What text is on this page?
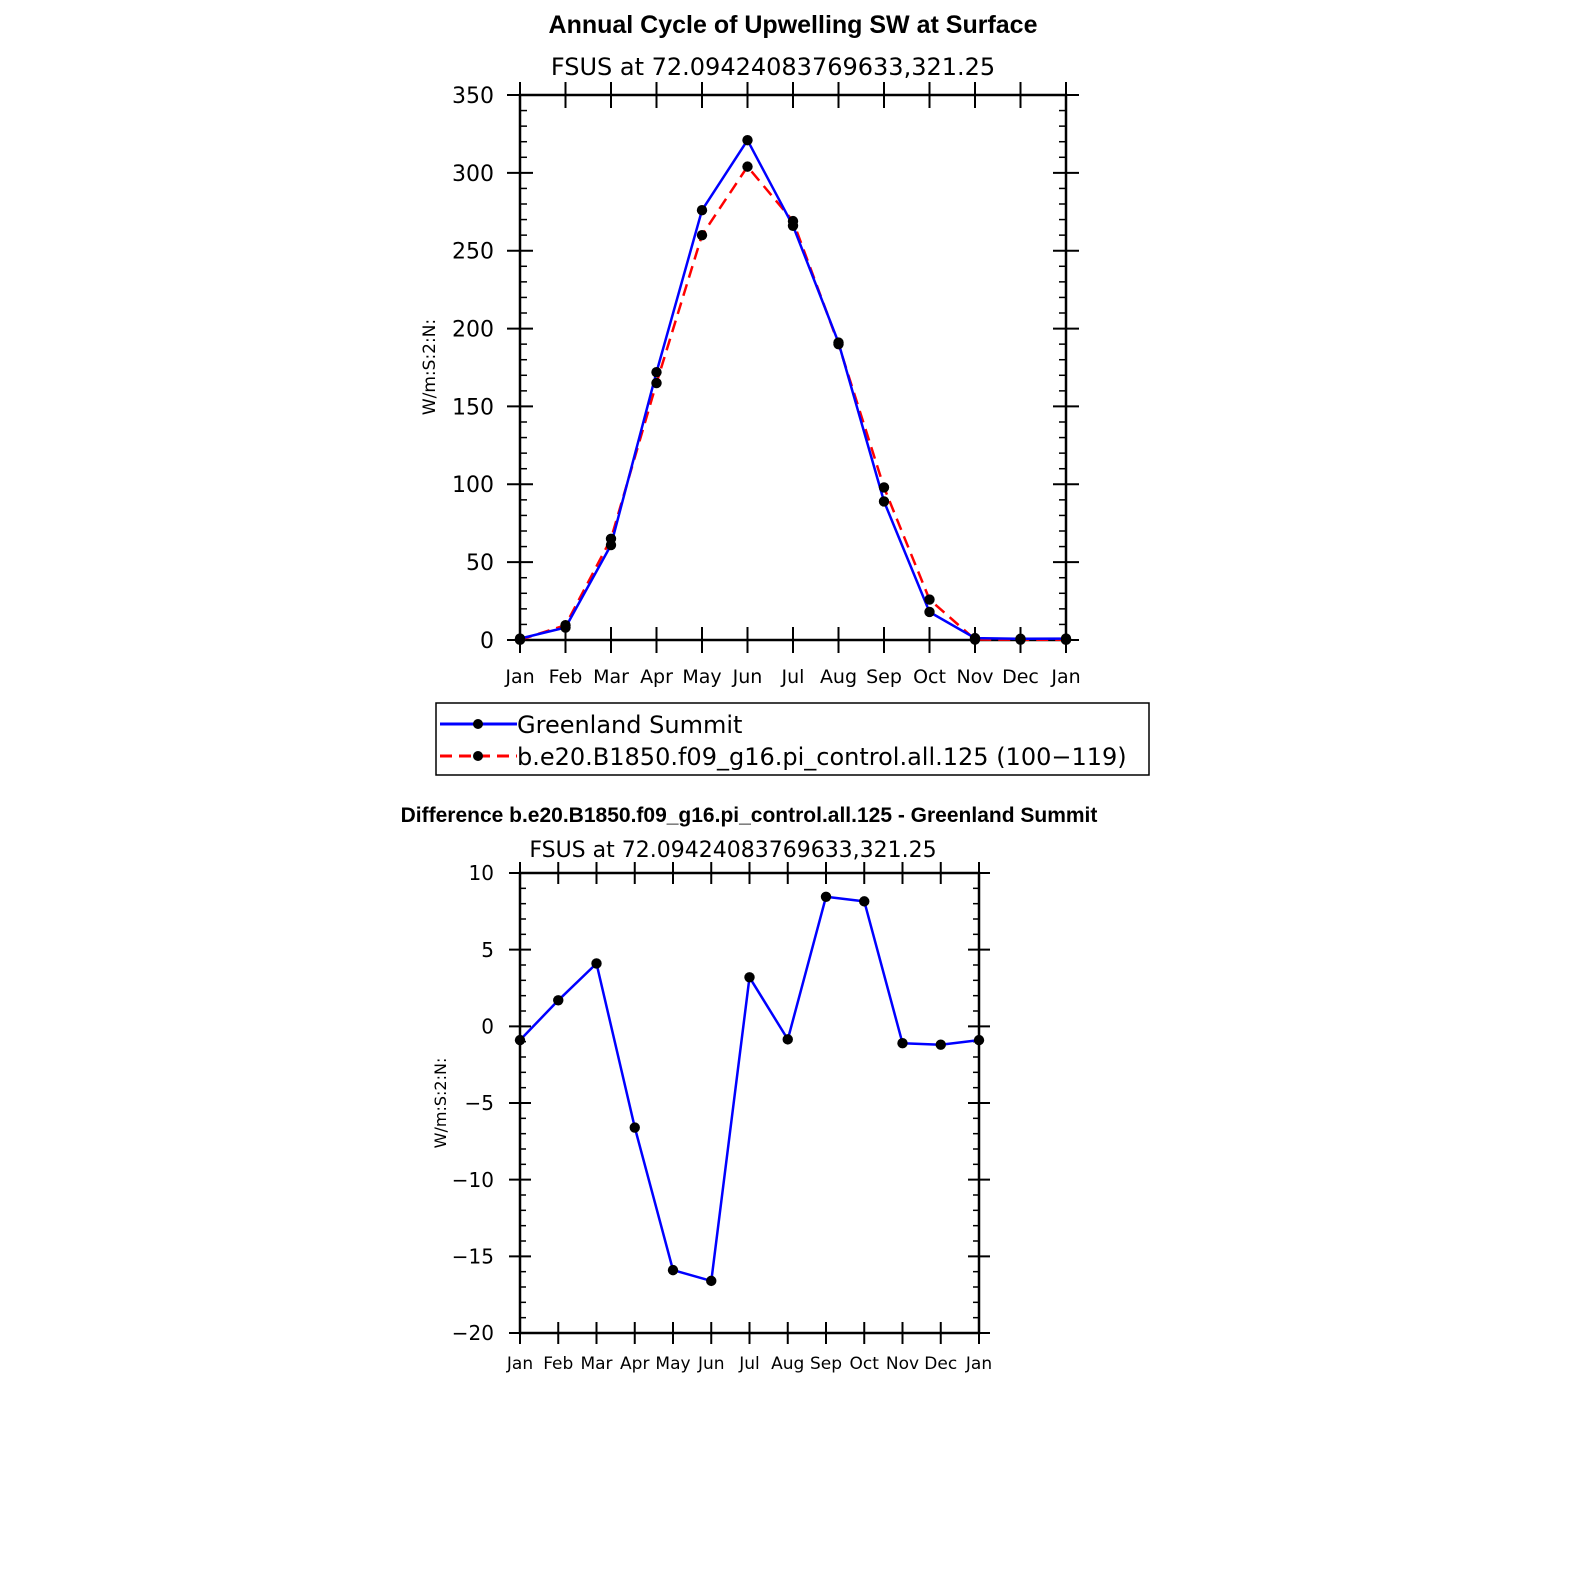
Annual Cycle of Upwelling SW at Surface
FSUS at 72.09424083769633,321.25
W/m:S:2:N:
0
50
100
150
200
250
300
350
Jan Feb Mar Apr May Jun Jul Aug Sep Oct Nov Dec Jan
Greenland Summit
b.e20.B1850.f09_g16.pi_control.all.125 (100−119)
Difference b.e20.B1850.f09_g16.pi_control.all.125 - Greenland Summit
FSUS at 72.09424083769633,321.25
W/m:S:2:N:
−20
−15
−10
−5
0
5
10
Jan Feb Mar Apr May Jun Jul Aug Sep Oct Nov Dec Jan
